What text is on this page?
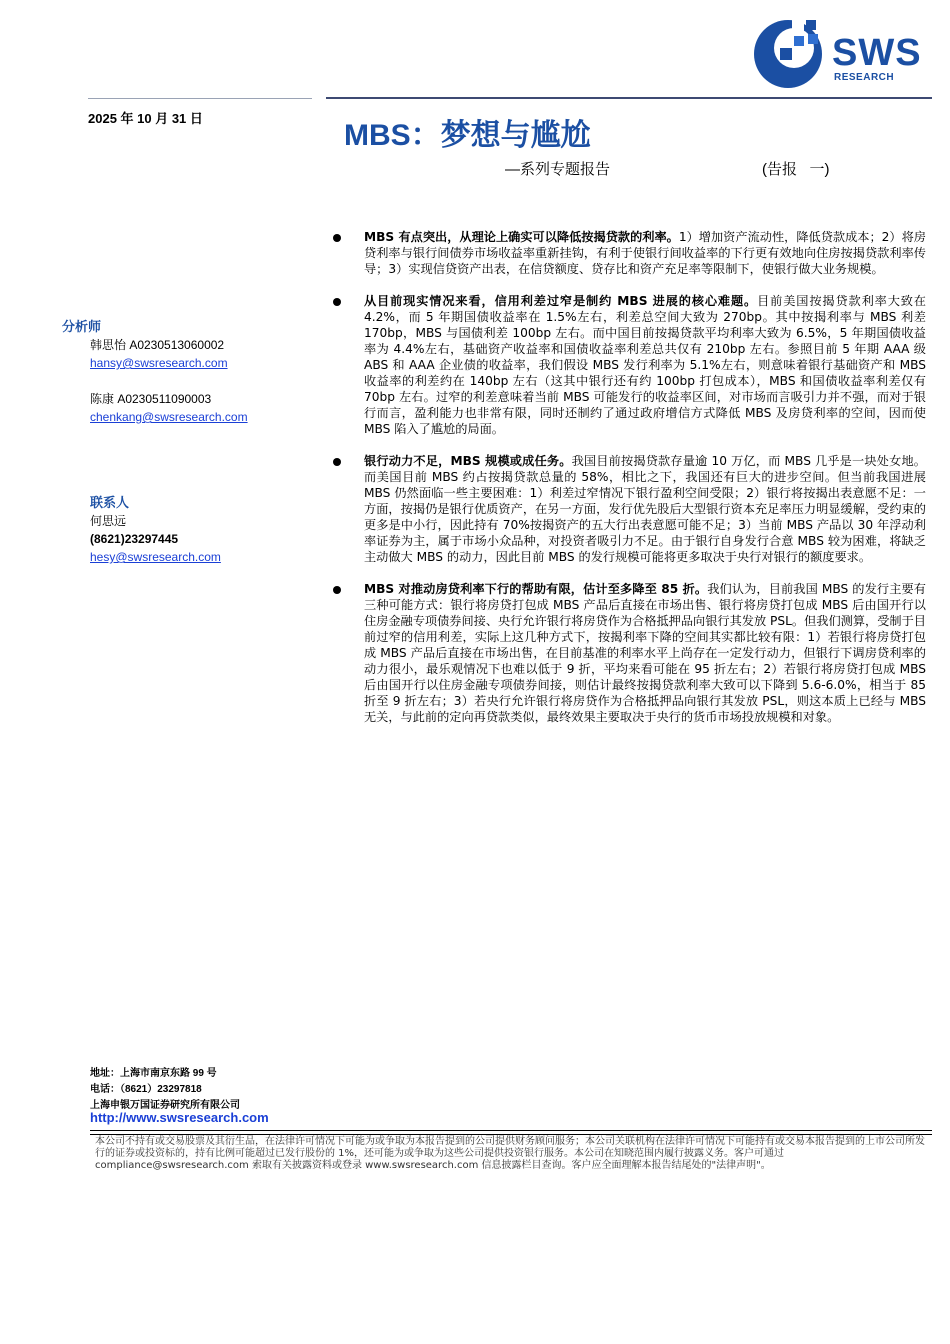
SWS
RESEARCH
2025 年 10 月 31 日
MBS：梦想与尴尬
—系列专题报告	(告报   一)
分析师
韩思怡 A0230513060002
hansy@swsresearch.com
陈康 A0230511090003
chenkang@swsresearch.com
联系人
何思远
(8621)23297445
hesy@swsresearch.com
MBS 有点突出，从理论上确实可以降低按揭贷款的利率。1）增加资产流动性，降低贷款成本；2）将房贷利率与银行间债券市场收益率重新挂钩，有利于使银行间收益率的下行更有效地向住房按揭贷款利率传导；3）实现信贷资产出表，在信贷额度、贷存比和资产充足率等限制下，使银行做大业务规模。
从目前现实情况来看，信用利差过窄是制约 MBS 进展的核心难题。目前美国按揭贷款利率大致在 4.2%，而 5 年期国债收益率在 1.5%左右，利差总空间大致为 270bp。其中按揭利率与 MBS 利差 170bp，MBS 与国债利差 100bp 左右。而中国目前按揭贷款平均利率大致为 6.5%，5 年期国债收益率为 4.4%左右，基础资产收益率和国债收益率利差总共仅有 210bp 左右。参照目前 5 年期 AAA 级 ABS 和 AAA 企业债的收益率，我们假设 MBS 发行利率为 5.1%左右，则意味着银行基础资产和 MBS 收益率的利差约在 140bp 左右（这其中银行还有约 100bp 打包成本），MBS 和国债收益率利差仅有 70bp 左右。过窄的利差意味着当前 MBS 可能发行的收益率区间，对市场而言吸引力并不强，而对于银行而言，盈利能力也非常有限，同时还制约了通过政府增信方式降低 MBS 及房贷利率的空间，因而使 MBS 陷入了尴尬的局面。
银行动力不足，MBS 规模或成任务。我国目前按揭贷款存量逾 10 万亿，而 MBS 几乎是一块处女地。而美国目前 MBS 约占按揭贷款总量的 58%，相比之下，我国还有巨大的进步空间。但当前我国进展 MBS 仍然面临一些主要困难：1）利差过窄情况下银行盈利空间受限；2）银行将按揭出表意愿不足：一方面，按揭仍是银行优质资产，在另一方面，发行优先股后大型银行资本充足率压力明显缓解，受约束的更多是中小行，因此持有 70%按揭资产的五大行出表意愿可能不足；3）当前 MBS 产品以 30 年浮动利率证券为主，属于市场小众品种，对投资者吸引力不足。由于银行自身发行合意 MBS 较为困难，将缺乏主动做大 MBS 的动力，因此目前 MBS 的发行规模可能将更多取决于央行对银行的额度要求。
MBS 对推动房贷利率下行的帮助有限，估计至多降至 85 折。我们认为，目前我国 MBS 的发行主要有三种可能方式：银行将房贷打包成 MBS 产品后直接在市场出售、银行将房贷打包成 MBS 后由国开行以住房金融专项债券间接、央行允许银行将房贷作为合格抵押品向银行其发放 PSL。但我们测算，受制于目前过窄的信用利差，实际上这几种方式下，按揭利率下降的空间其实都比较有限：1）若银行将房贷打包成 MBS 产品后直接在市场出售，在目前基准的利率水平上尚存在一定发行动力，但银行下调房贷利率的动力很小，最乐观情况下也难以低于 9 折，平均来看可能在 95 折左右；2）若银行将房贷打包成 MBS 后由国开行以住房金融专项债券间接，则估计最终按揭贷款利率大致可以下降到 5.6-6.0%，相当于 85 折至 9 折左右；3）若央行允许银行将房贷作为合格抵押品向银行其发放 PSL，则这本质上已经与 MBS 无关，与此前的定向再贷款类似，最终效果主要取决于央行的货币市场投放规模和对象。
地址：上海市南京东路 99 号
电话：（8621）23297818
上海申银万国证券研究所有限公司
http://www.swsresearch.com
本公司不持有或交易股票及其衍生品，在法律许可情况下可能为或争取为本报告提到的公司提供财务顾问服务；本公司关联机构在法律许可情况下可能持有或交易本报告提到的上市公司所发行的证券或投资标的，持有比例可能超过已发行股份的 1%，还可能为或争取为这些公司提供投资银行服务。本公司在知晓范围内履行披露义务。客户可通过 compliance@swsresearch.com 索取有关披露资料或登录 www.swsresearch.com 信息披露栏目查询。客户应全面理解本报告结尾处的"法律声明"。
